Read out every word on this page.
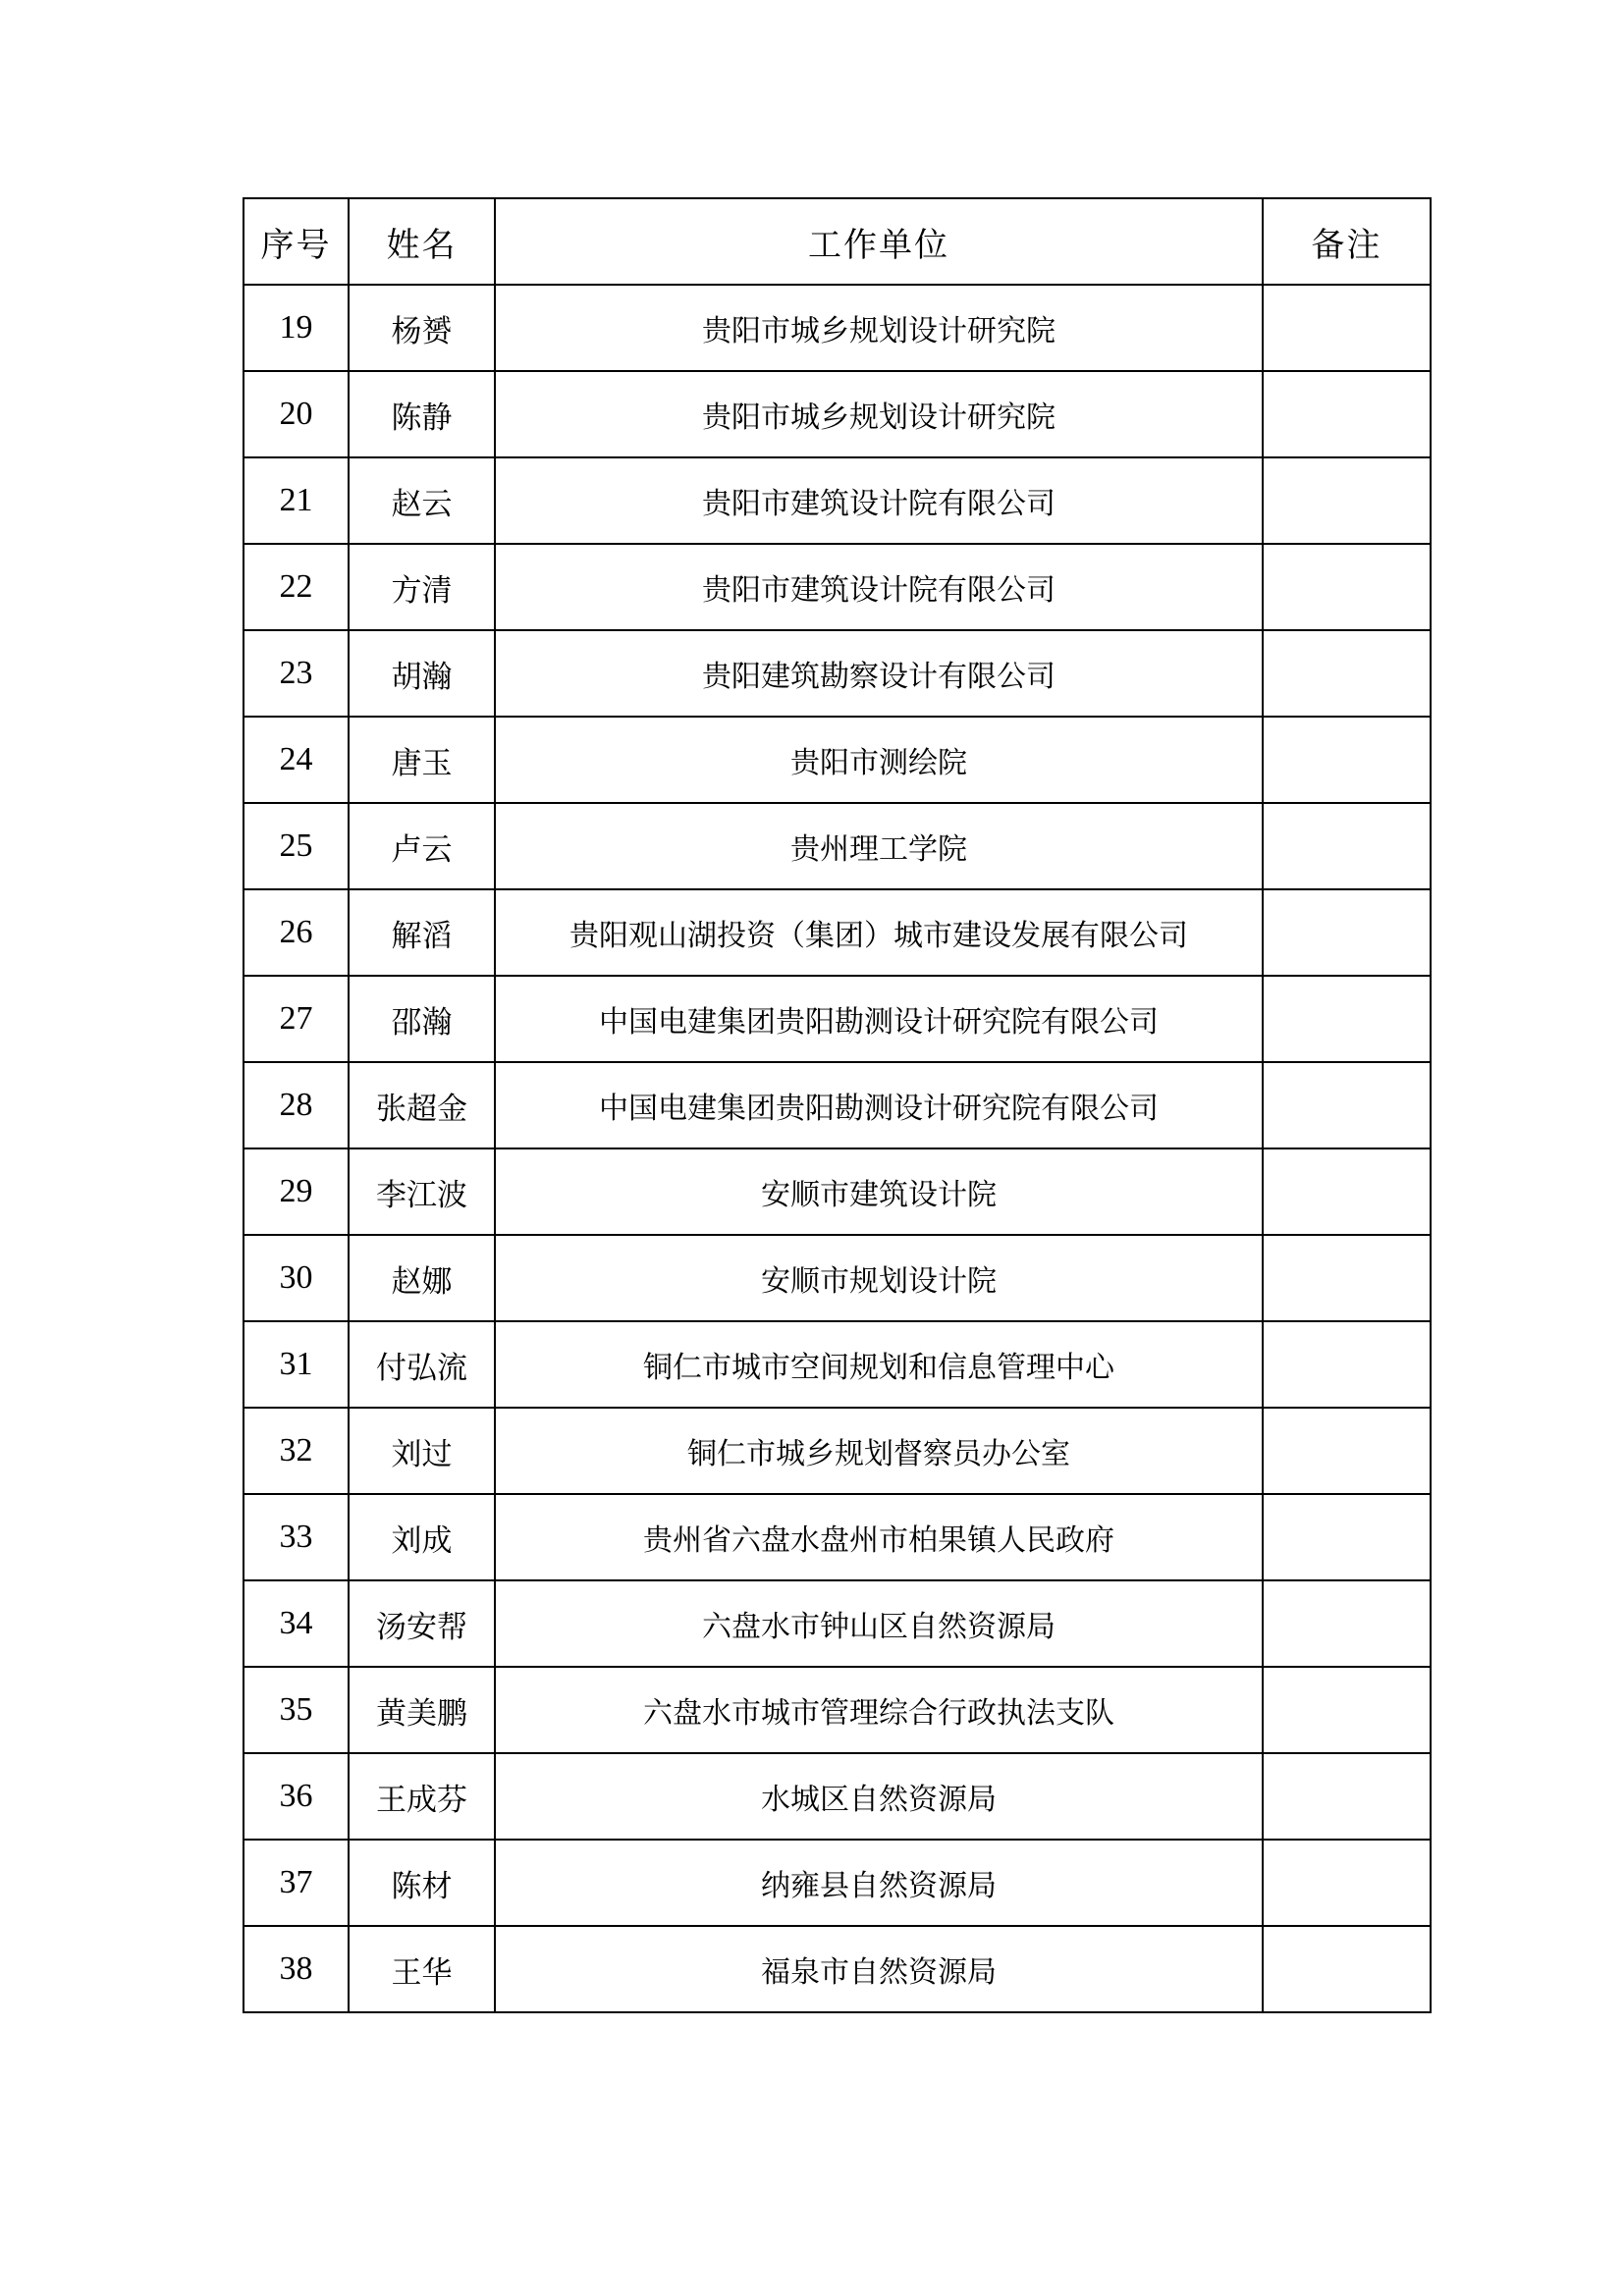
序号	姓名	工作单位	备注
19	杨赟	贵阳市城乡规划设计研究院	
20	陈静	贵阳市城乡规划设计研究院	
21	赵云	贵阳市建筑设计院有限公司	
22	方清	贵阳市建筑设计院有限公司	
23	胡瀚	贵阳建筑勘察设计有限公司	
24	唐玉	贵阳市测绘院	
25	卢云	贵州理工学院	
26	解滔	贵阳观山湖投资（集团）城市建设发展有限公司	
27	邵瀚	中国电建集团贵阳勘测设计研究院有限公司	
28	张超金	中国电建集团贵阳勘测设计研究院有限公司	
29	李江波	安顺市建筑设计院	
30	赵娜	安顺市规划设计院	
31	付弘流	铜仁市城市空间规划和信息管理中心	
32	刘过	铜仁市城乡规划督察员办公室	
33	刘成	贵州省六盘水盘州市柏果镇人民政府	
34	汤安帮	六盘水市钟山区自然资源局	
35	黄美鹏	六盘水市城市管理综合行政执法支队	
36	王成芬	水城区自然资源局	
37	陈材	纳雍县自然资源局	
38	王华	福泉市自然资源局	
